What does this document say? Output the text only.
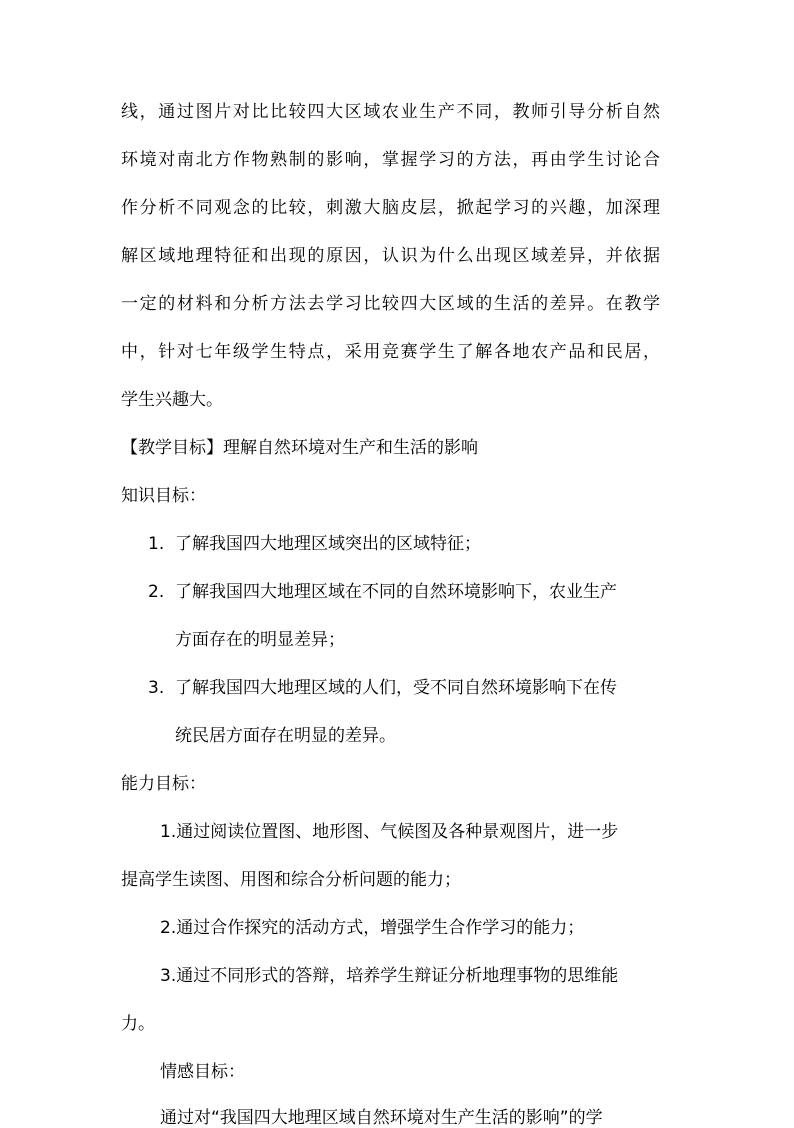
线，通过图片对比比较四大区域农业生产不同，教师引导分析自然
环境对南北方作物熟制的影响，掌握学习的方法，再由学生讨论合
作分析不同观念的比较，刺激大脑皮层，掀起学习的兴趣，加深理
解区域地理特征和出现的原因，认识为什么出现区域差异，并依据
一定的材料和分析方法去学习比较四大区域的生活的差异。在教学
中，针对七年级学生特点，采用竞赛学生了解各地农产品和民居，
学生兴趣大。
【教学目标】理解自然环境对生产和生活的影响
知识目标：
1. 了解我国四大地理区域突出的区域特征；
2. 了解我国四大地理区域在不同的自然环境影响下，农业生产
方面存在的明显差异；
3. 了解我国四大地理区域的人们，受不同自然环境影响下在传
统民居方面存在明显的差异。
能力目标：
1.通过阅读位置图、地形图、气候图及各种景观图片，进一步
提高学生读图、用图和综合分析问题的能力；
2.通过合作探究的活动方式，增强学生合作学习的能力；
3.通过不同形式的答辩，培养学生辩证分析地理事物的思维能
力。
情感目标：
通过对“我国四大地理区域自然环境对生产生活的影响”的学
